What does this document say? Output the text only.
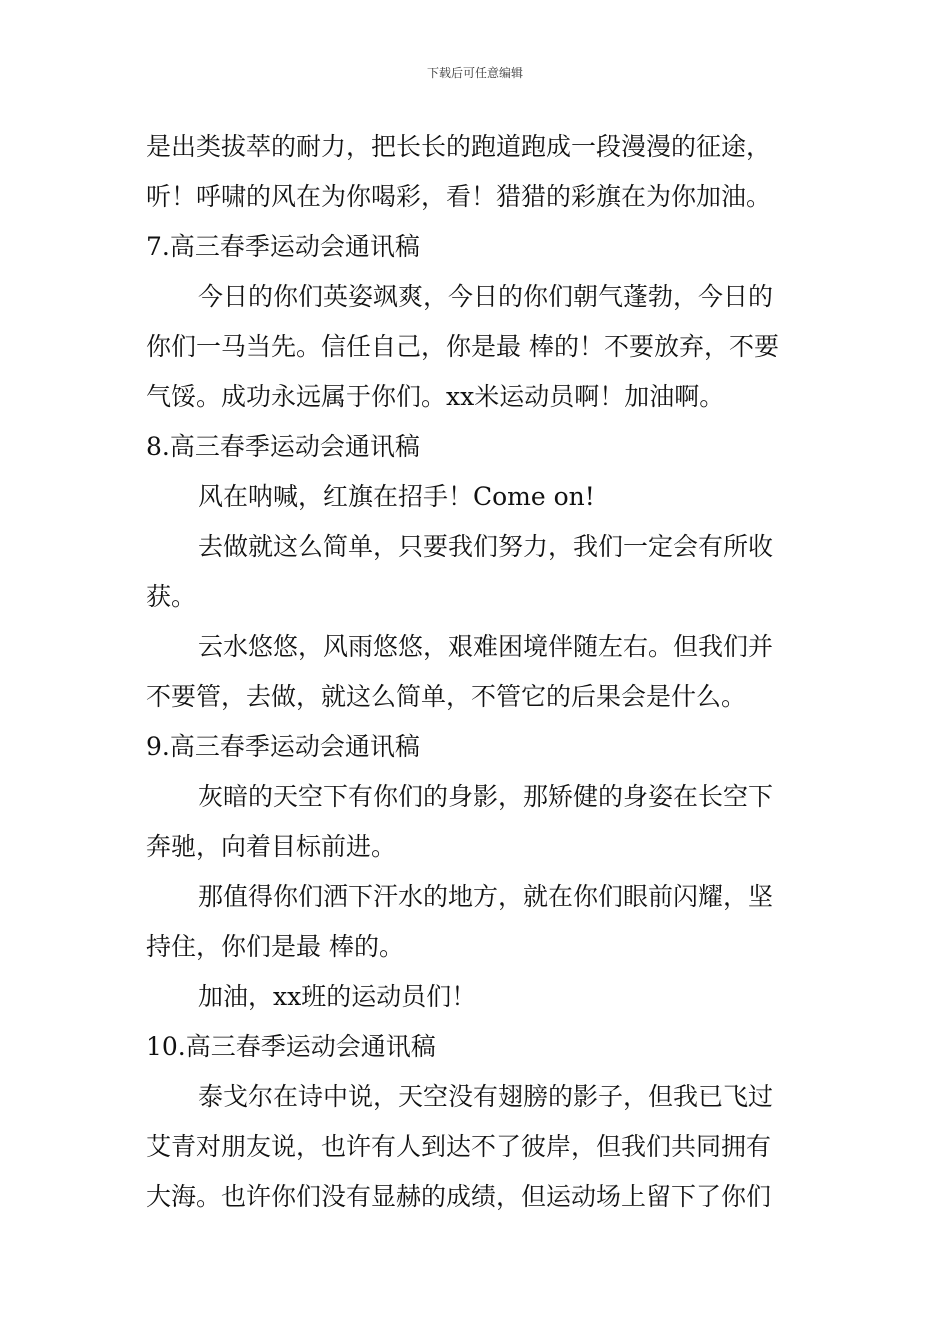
下载后可任意编辑
是出类拔萃的耐力，把长长的跑道跑成一段漫漫的征途，
听！呼啸的风在为你喝彩，看！猎猎的彩旗在为你加油。
7.高三春季运动会通讯稿
今日的你们英姿飒爽，今日的你们朝气蓬勃，今日的
你们一马当先。信任自己，你是最 棒的！不要放弃，不要
气馁。成功永远属于你们。xx米运动员啊！加油啊。
8.高三春季运动会通讯稿
风在呐喊，红旗在招手！Come on!
去做就这么简单，只要我们努力，我们一定会有所收
获。
云水悠悠，风雨悠悠，艰难困境伴随左右。但我们并
不要管，去做，就这么简单，不管它的后果会是什么。
9.高三春季运动会通讯稿
灰暗的天空下有你们的身影，那矫健的身姿在长空下
奔驰，向着目标前进。
那值得你们洒下汗水的地方，就在你们眼前闪耀，坚
持住，你们是最 棒的。
加油，xx班的运动员们！
10.高三春季运动会通讯稿
泰戈尔在诗中说，天空没有翅膀的影子，但我已飞过
艾青对朋友说，也许有人到达不了彼岸，但我们共同拥有
大海。也许你们没有显赫的成绩，但运动场上留下了你们
